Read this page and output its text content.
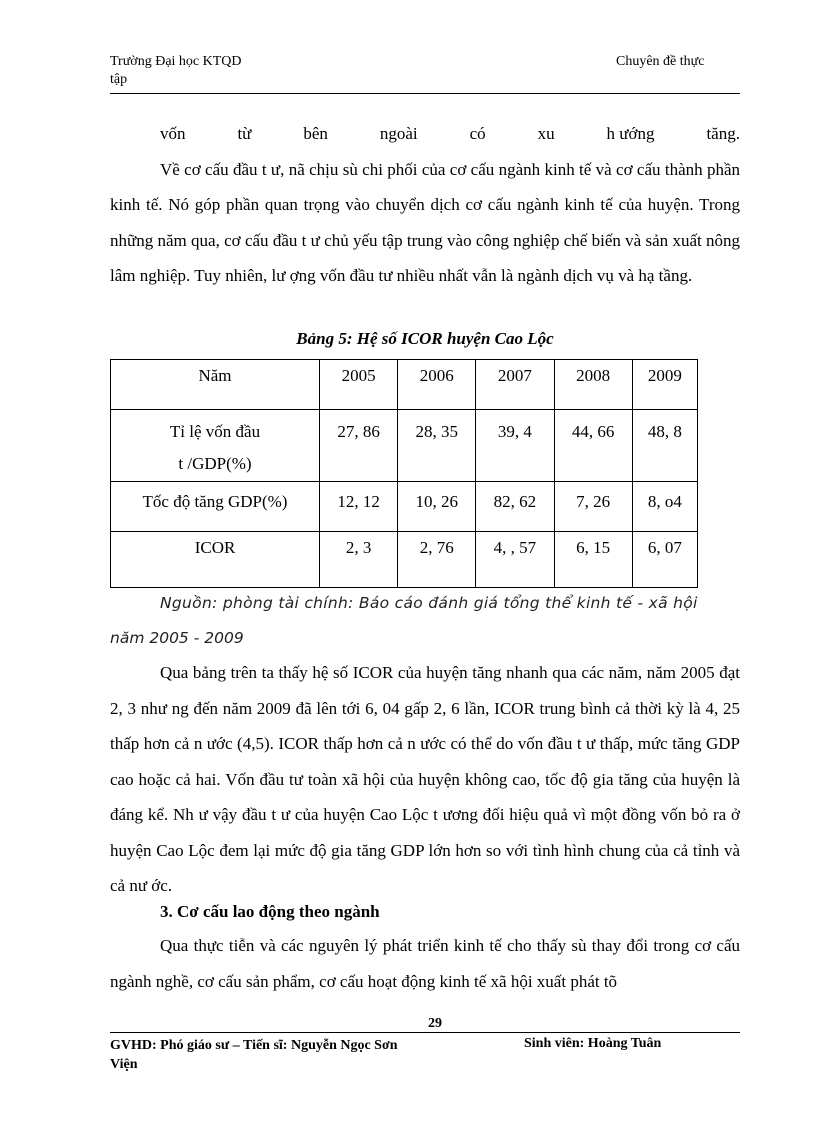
Trường Đại học KTQD
tập
Chuyên đề thực
vốn	từ	bên	ngoài	có	xu	h ướng	tăng.

Về cơ cấu đầu t ư, nã chịu sù chi phối của cơ cấu ngành kinh tế và cơ cấu thành phần kinh tế. Nó góp phần quan trọng vào chuyển dịch cơ cấu ngành kinh tế của huyện. Trong những năm qua, cơ cấu đầu t ư chủ yếu tập trung vào công nghiệp chế biến và sản xuất nông lâm nghiệp. Tuy nhiên, lư ợng vốn đầu tư nhiều nhất vẫn là ngành dịch vụ và hạ tầng.

Bảng 5: Hệ số ICOR huyện Cao Lộc
Năm	2005	2006	2007	2008	2009

Tỉ lệ vốn đầu
t /GDP(%)	27, 86	28, 35	39, 4	44, 66	48, 8
Tốc độ tăng GDP(%)	12, 12	10, 26	82, 62	7, 26	8, o4
ICOR	2, 3	2, 76	4, , 57	6, 15	6, 07
Nguồn: phòng tài chính: Báo cáo đánh giá tổng thể kinh tế - xã hội
năm 2005 - 2009

Qua bảng trên ta thấy hệ số ICOR của huyện tăng nhanh qua các năm, năm 2005 đạt 2, 3 như ng đến năm 2009 đã lên tới 6, 04 gấp 2, 6 lần, ICOR trung bình cả thời kỳ là 4, 25 thấp hơn cả n ước (4,5). ICOR thấp hơn cả n ước có thể do vốn đầu t ư thấp, mức tăng GDP cao hoặc cả hai. Vốn đầu tư toàn xã hội của huyện không cao, tốc độ gia tăng của huyện là đáng kể. Nh ư vậy đầu t ư của huyện Cao Lộc t ương đối hiệu quả vì một đồng vốn bỏ ra ở huyện Cao Lộc đem lại mức độ gia tăng GDP lớn hơn so với tình hình chung của cả tỉnh và cả nư ớc.

3. Cơ cấu lao động theo ngành

Qua thực tiễn và các nguyên lý phát triển kinh tế cho thấy sù thay đổi trong cơ cấu ngành nghề, cơ cấu sản phẩm, cơ cấu hoạt động kinh tế xã hội xuất phát tõ

29
GVHD: Phó giáo sư – Tiến sĩ: Nguyễn Ngọc Sơn
Viện
Sinh viên: Hoàng Tuân
